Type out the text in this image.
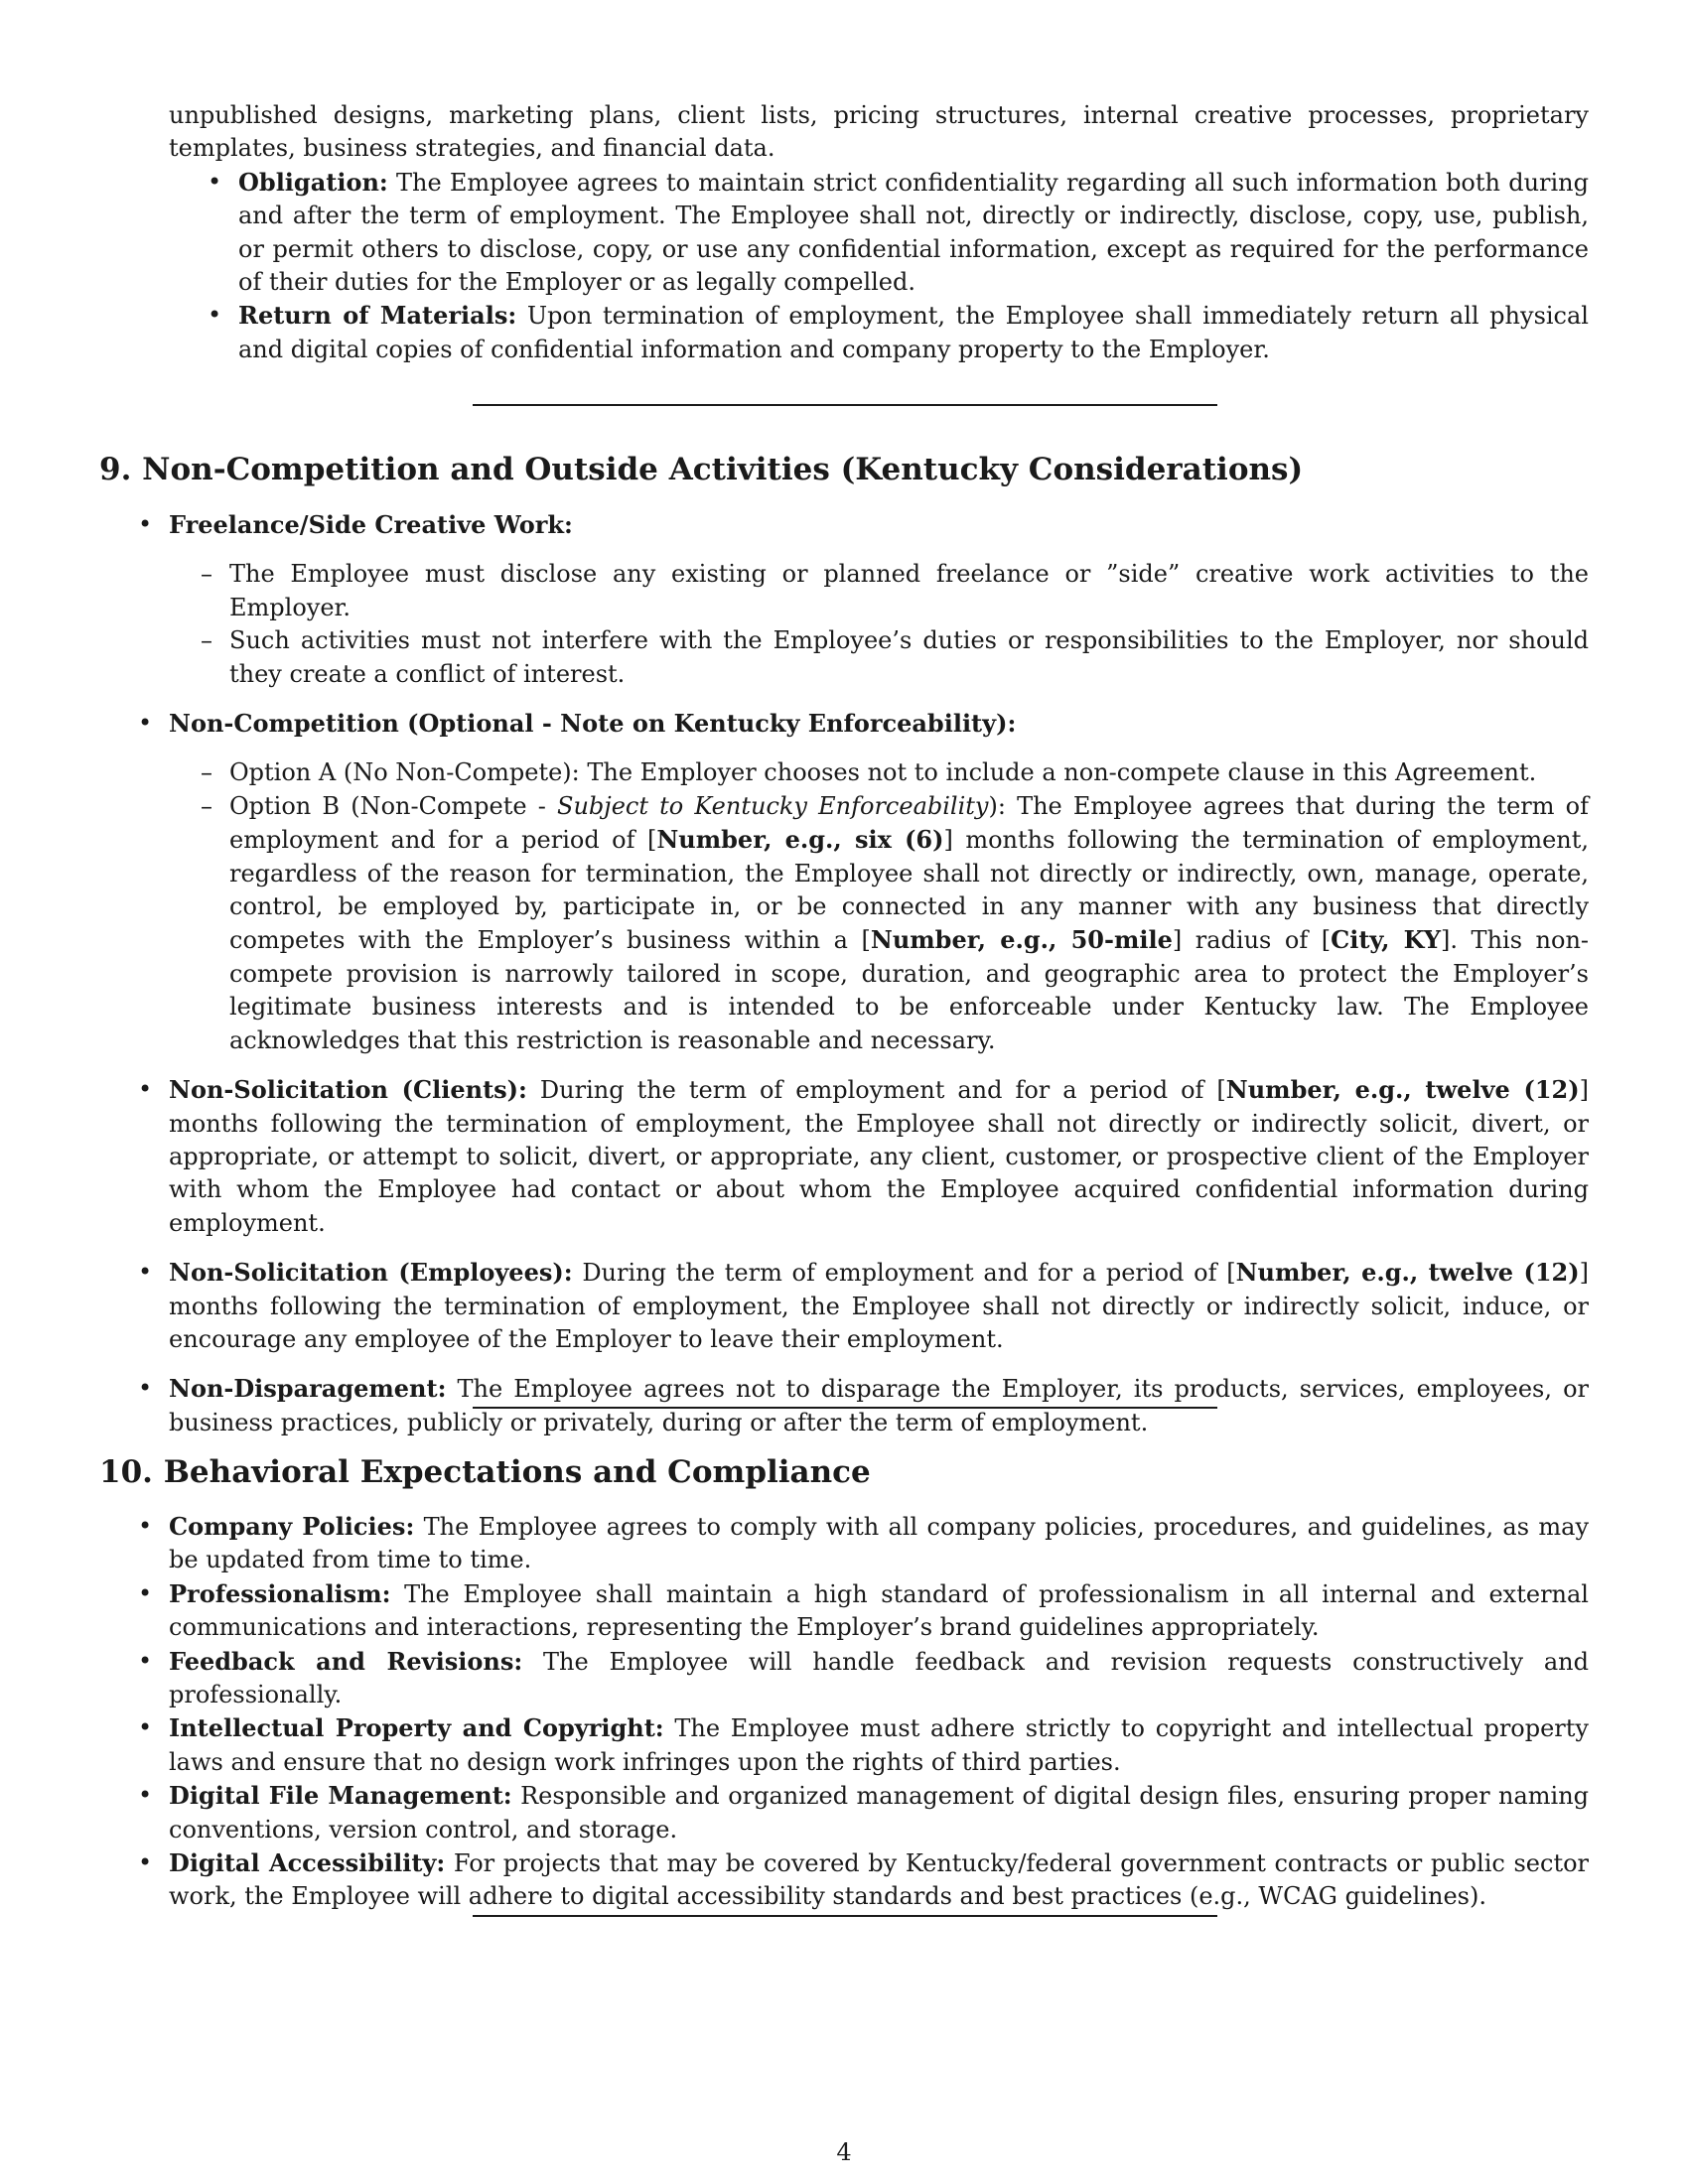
unpublished designs, marketing plans, client lists, pricing structures, internal creative processes, proprietary templates, business strategies, and financial data.

• Obligation: The Employee agrees to maintain strict confidentiality regarding all such information both during and after the term of employment. The Employee shall not, directly or indirectly, disclose, copy, use, publish, or permit others to disclose, copy, or use any confidential information, except as required for the performance of their duties for the Employer or as legally compelled.
• Return of Materials: Upon termination of employment, the Employee shall immediately return all physical and digital copies of confidential information and company property to the Employer.
9. Non-Competition and Outside Activities (Kentucky Considerations)
• Freelance/Side Creative Work:
– The Employee must disclose any existing or planned freelance or ”side” creative work activities to the Employer.
– Such activities must not interfere with the Employee’s duties or responsibilities to the Employer, nor should they create a conflict of interest.
• Non-Competition (Optional - Note on Kentucky Enforceability):
– Option A (No Non-Compete): The Employer chooses not to include a non-compete clause in this Agreement.
– Option B (Non-Compete - Subject to Kentucky Enforceability): The Employee agrees that during the term of employment and for a period of [Number, e.g., six (6)] months following the termination of employment, regardless of the reason for termination, the Employee shall not directly or indirectly, own, manage, operate, control, be employed by, participate in, or be connected in any manner with any business that directly competes with the Employer’s business within a [Number, e.g., 50-mile] radius of [City, KY]. This non-compete provision is narrowly tailored in scope, duration, and geographic area to protect the Employer’s legitimate business interests and is intended to be enforceable under Kentucky law. The Employee acknowledges that this restriction is reasonable and necessary.
• Non-Solicitation (Clients): During the term of employment and for a period of [Number, e.g., twelve (12)] months following the termination of employment, the Employee shall not directly or indirectly solicit, divert, or appropriate, or attempt to solicit, divert, or appropriate, any client, customer, or prospective client of the Employer with whom the Employee had contact or about whom the Employee acquired confidential information during employment.
• Non-Solicitation (Employees): During the term of employment and for a period of [Number, e.g., twelve (12)] months following the termination of employment, the Employee shall not directly or indirectly solicit, induce, or encourage any employee of the Employer to leave their employment.
• Non-Disparagement: The Employee agrees not to disparage the Employer, its products, services, employees, or business practices, publicly or privately, during or after the term of employment.
10. Behavioral Expectations and Compliance
• Company Policies: The Employee agrees to comply with all company policies, procedures, and guidelines, as may be updated from time to time.
• Professionalism: The Employee shall maintain a high standard of professionalism in all internal and external communications and interactions, representing the Employer’s brand guidelines appropriately.
• Feedback and Revisions: The Employee will handle feedback and revision requests constructively and professionally.
• Intellectual Property and Copyright: The Employee must adhere strictly to copyright and intellectual property laws and ensure that no design work infringes upon the rights of third parties.
• Digital File Management: Responsible and organized management of digital design files, ensuring proper naming conventions, version control, and storage.
• Digital Accessibility: For projects that may be covered by Kentucky/federal government contracts or public sector work, the Employee will adhere to digital accessibility standards and best practices (e.g., WCAG guidelines).
4
